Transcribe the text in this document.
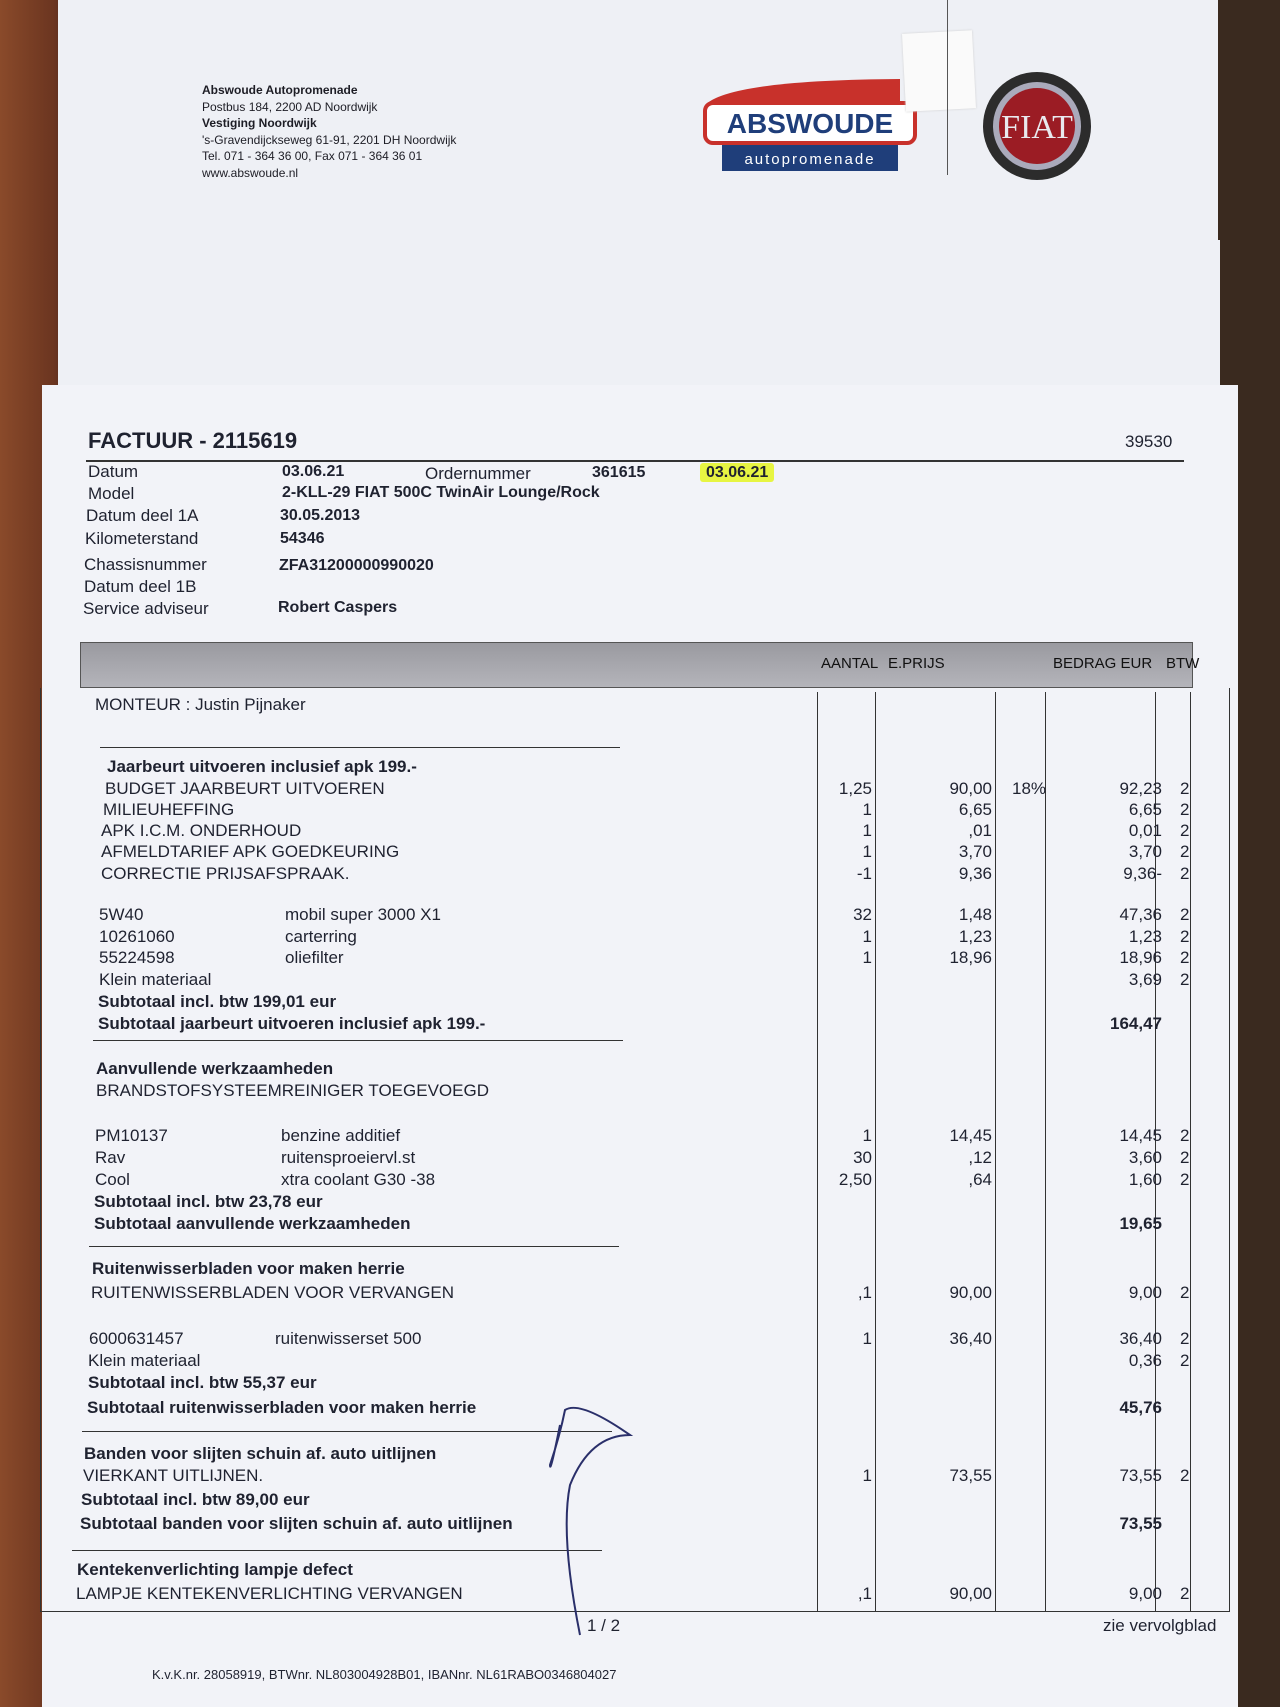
Abswoude Autopromenade
Postbus 184, 2200 AD Noordwijk
Vestiging Noordwijk
's-Gravendijckseweg 61-91, 2201 DH Noordwijk
Tel. 071 - 364 36 00, Fax 071 - 364 36 01
www.abswoude.nl
ABSWOUDE
autopromenade
FIAT
FACTUUR - 2115619	39530
Datum	03.06.21	Ordernummer	361615	03.06.21
Model	2-KLL-29 FIAT 500C TwinAir Lounge/Rock
Datum deel 1A	30.05.2013
Kilometerstand	54346
Chassisnummer	ZFA31200000990020
Datum deel 1B
Service adviseur	Robert Caspers
AANTAL E.PRIJS	BEDRAG EUR BTW
MONTEUR : Justin Pijnaker
Jaarbeurt uitvoeren inclusief apk 199.-
BUDGET JAARBEURT UITVOEREN	1,25	90,00 18%	92,23 2
MILIEUHEFFING	1	6,65	6,65 2
APK I.C.M. ONDERHOUD	1	,01	0,01 2
AFMELDTARIEF APK GOEDKEURING	1	3,70	3,70 2
CORRECTIE PRIJSAFSPRAAK.	-1	9,36	9,36- 2
5W40	mobil super 3000 X1	32	1,48	47,36 2
10261060	carterring	1	1,23	1,23 2
55224598	oliefilter	1	18,96	18,96 2
Klein materiaal	3,69 2
Subtotaal incl. btw 199,01 eur
Subtotaal jaarbeurt uitvoeren inclusief apk 199.-	164,47
Aanvullende werkzaamheden
BRANDSTOFSYSTEEMREINIGER TOEGEVOEGD
PM10137	benzine additief	1	14,45	14,45 2
Rav	ruitensproeiervl.st	30	,12	3,60 2
Cool	xtra coolant G30 -38	2,50	,64	1,60 2
Subtotaal incl. btw 23,78 eur
Subtotaal aanvullende werkzaamheden	19,65
Ruitenwisserbladen voor maken herrie
RUITENWISSERBLADEN VOOR VERVANGEN	,1	90,00	9,00 2
6000631457	ruitenwisserset 500	1	36,40	36,40 2
Klein materiaal	0,36 2
Subtotaal incl. btw 55,37 eur
Subtotaal ruitenwisserbladen voor maken herrie	45,76
Banden voor slijten schuin af. auto uitlijnen
VIERKANT UITLIJNEN.	1	73,55	73,55 2
Subtotaal incl. btw 89,00 eur
Subtotaal banden voor slijten schuin af. auto uitlijnen	73,55
Kentekenverlichting lampje defect
LAMPJE KENTEKENVERLICHTING VERVANGEN	,1	90,00	9,00 2
1 / 2	zie vervolgblad
K.v.K.nr. 28058919, BTWnr. NL803004928B01, IBANnr. NL61RABO0346804027
